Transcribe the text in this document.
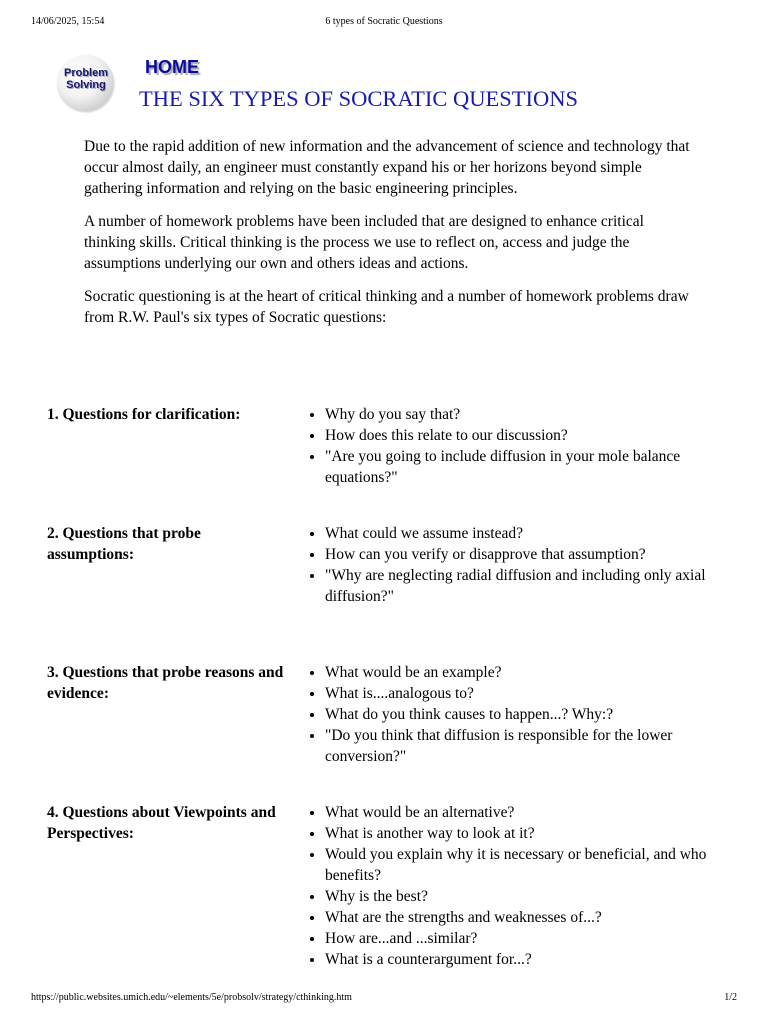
14/06/2025, 15:54	6 types of Socratic Questions
Problem
Solving
HOME
THE SIX TYPES OF SOCRATIC QUESTIONS

Due to the rapid addition of new information and the advancement of science and technology that occur almost daily, an engineer must constantly expand his or her horizons beyond simple gathering information and relying on the basic engineering principles.

A number of homework problems have been included that are designed to enhance critical thinking skills. Critical thinking is the process we use to reflect on, access and judge the assumptions underlying our own and others ideas and actions.

Socratic questioning is at the heart of critical thinking and a number of homework problems draw from R.W. Paul's six types of Socratic questions:

1. Questions for clarification:
•	Why do you say that?
• How does this relate to our discussion?
• "Are you going to include diffusion in your mole balance equations?"
2. Questions that probe assumptions:
• What could we assume instead?
• How can you verify or disapprove that assumption?
• "Why are neglecting radial diffusion and including only axial diffusion?"
3. Questions that probe reasons and evidence:
• What would be an example?
• What is....analogous to?
• What do you think causes to happen...? Why:?
• "Do you think that diffusion is responsible for the lower conversion?"
4. Questions about Viewpoints and Perspectives:
• What would be an alternative?
• What is another way to look at it?
• Would you explain why it is necessary or beneficial, and who benefits?
• Why is the best?
• What are the strengths and weaknesses of...?
• How are...and ...similar?
• What is a counterargument for...?
https://public.websites.umich.edu/~elements/5e/probsolv/strategy/cthinking.htm	1/2
